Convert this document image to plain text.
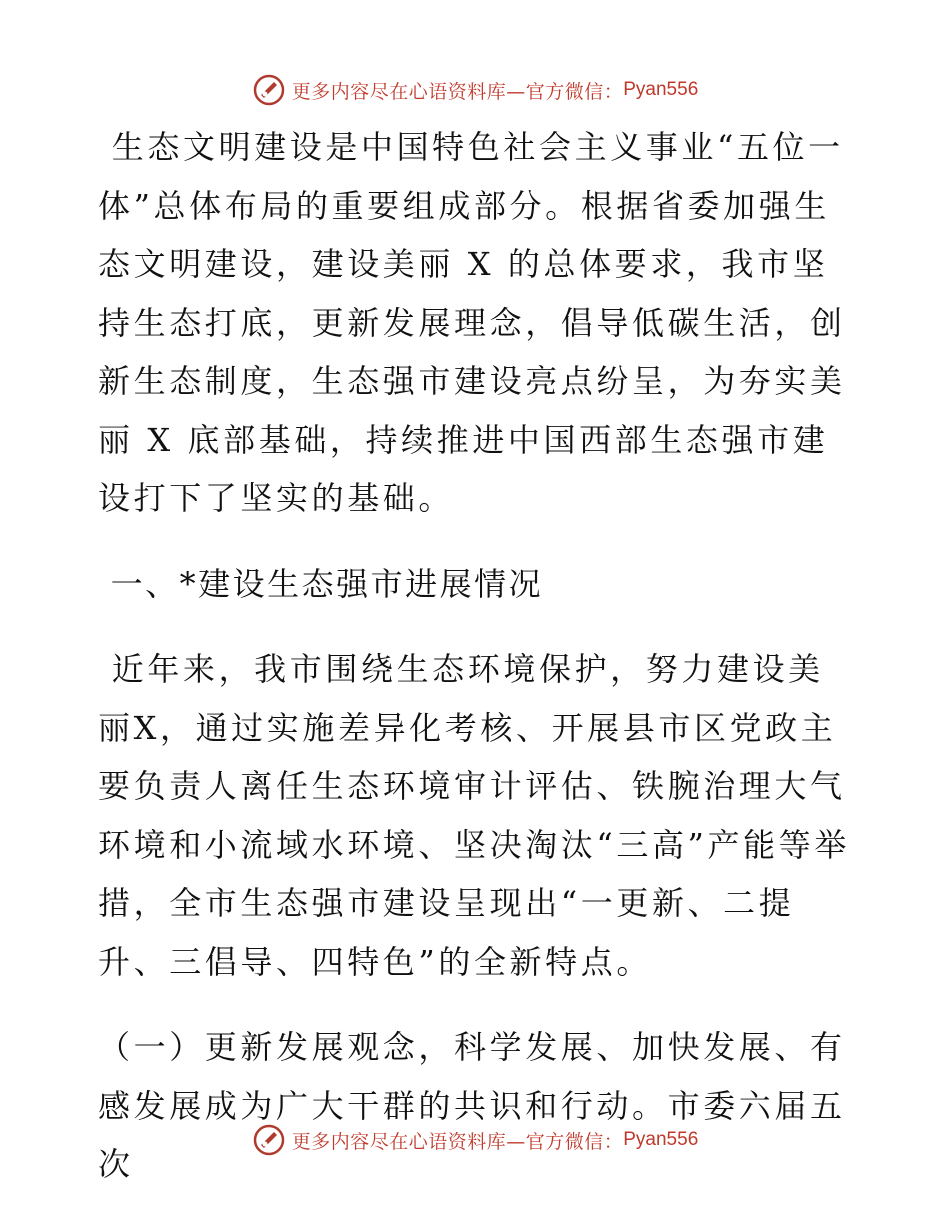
更多内容尽在心语资料库—官方微信： Pyan556

生态文明建设是中国特色社会主义事业“五位一体”总体布局的重要组成部分。根据省委加强生态文明建设，建设美丽 X 的总体要求，我市坚持生态打底，更新发展理念，倡导低碳生活，创新生态制度，生态强市建设亮点纷呈，为夯实美丽 X 底部基础，持续推进中国西部生态强市建设打下了坚实的基础。

一、*建设生态强市进展情况

近年来，我市围绕生态环境保护，努力建设美丽X，通过实施差异化考核、开展县市区党政主要负责人离任生态环境审计评估、铁腕治理大气环境和小流域水环境、坚决淘汰“三高”产能等举措，全市生态强市建设呈现出“一更新、二提升、三倡导、四特色”的全新特点。

（一）更新发展观念，科学发展、加快发展、有感发展成为广大干群的共识和行动。市委六届五次

更多内容尽在心语资料库—官方微信： Pyan556
